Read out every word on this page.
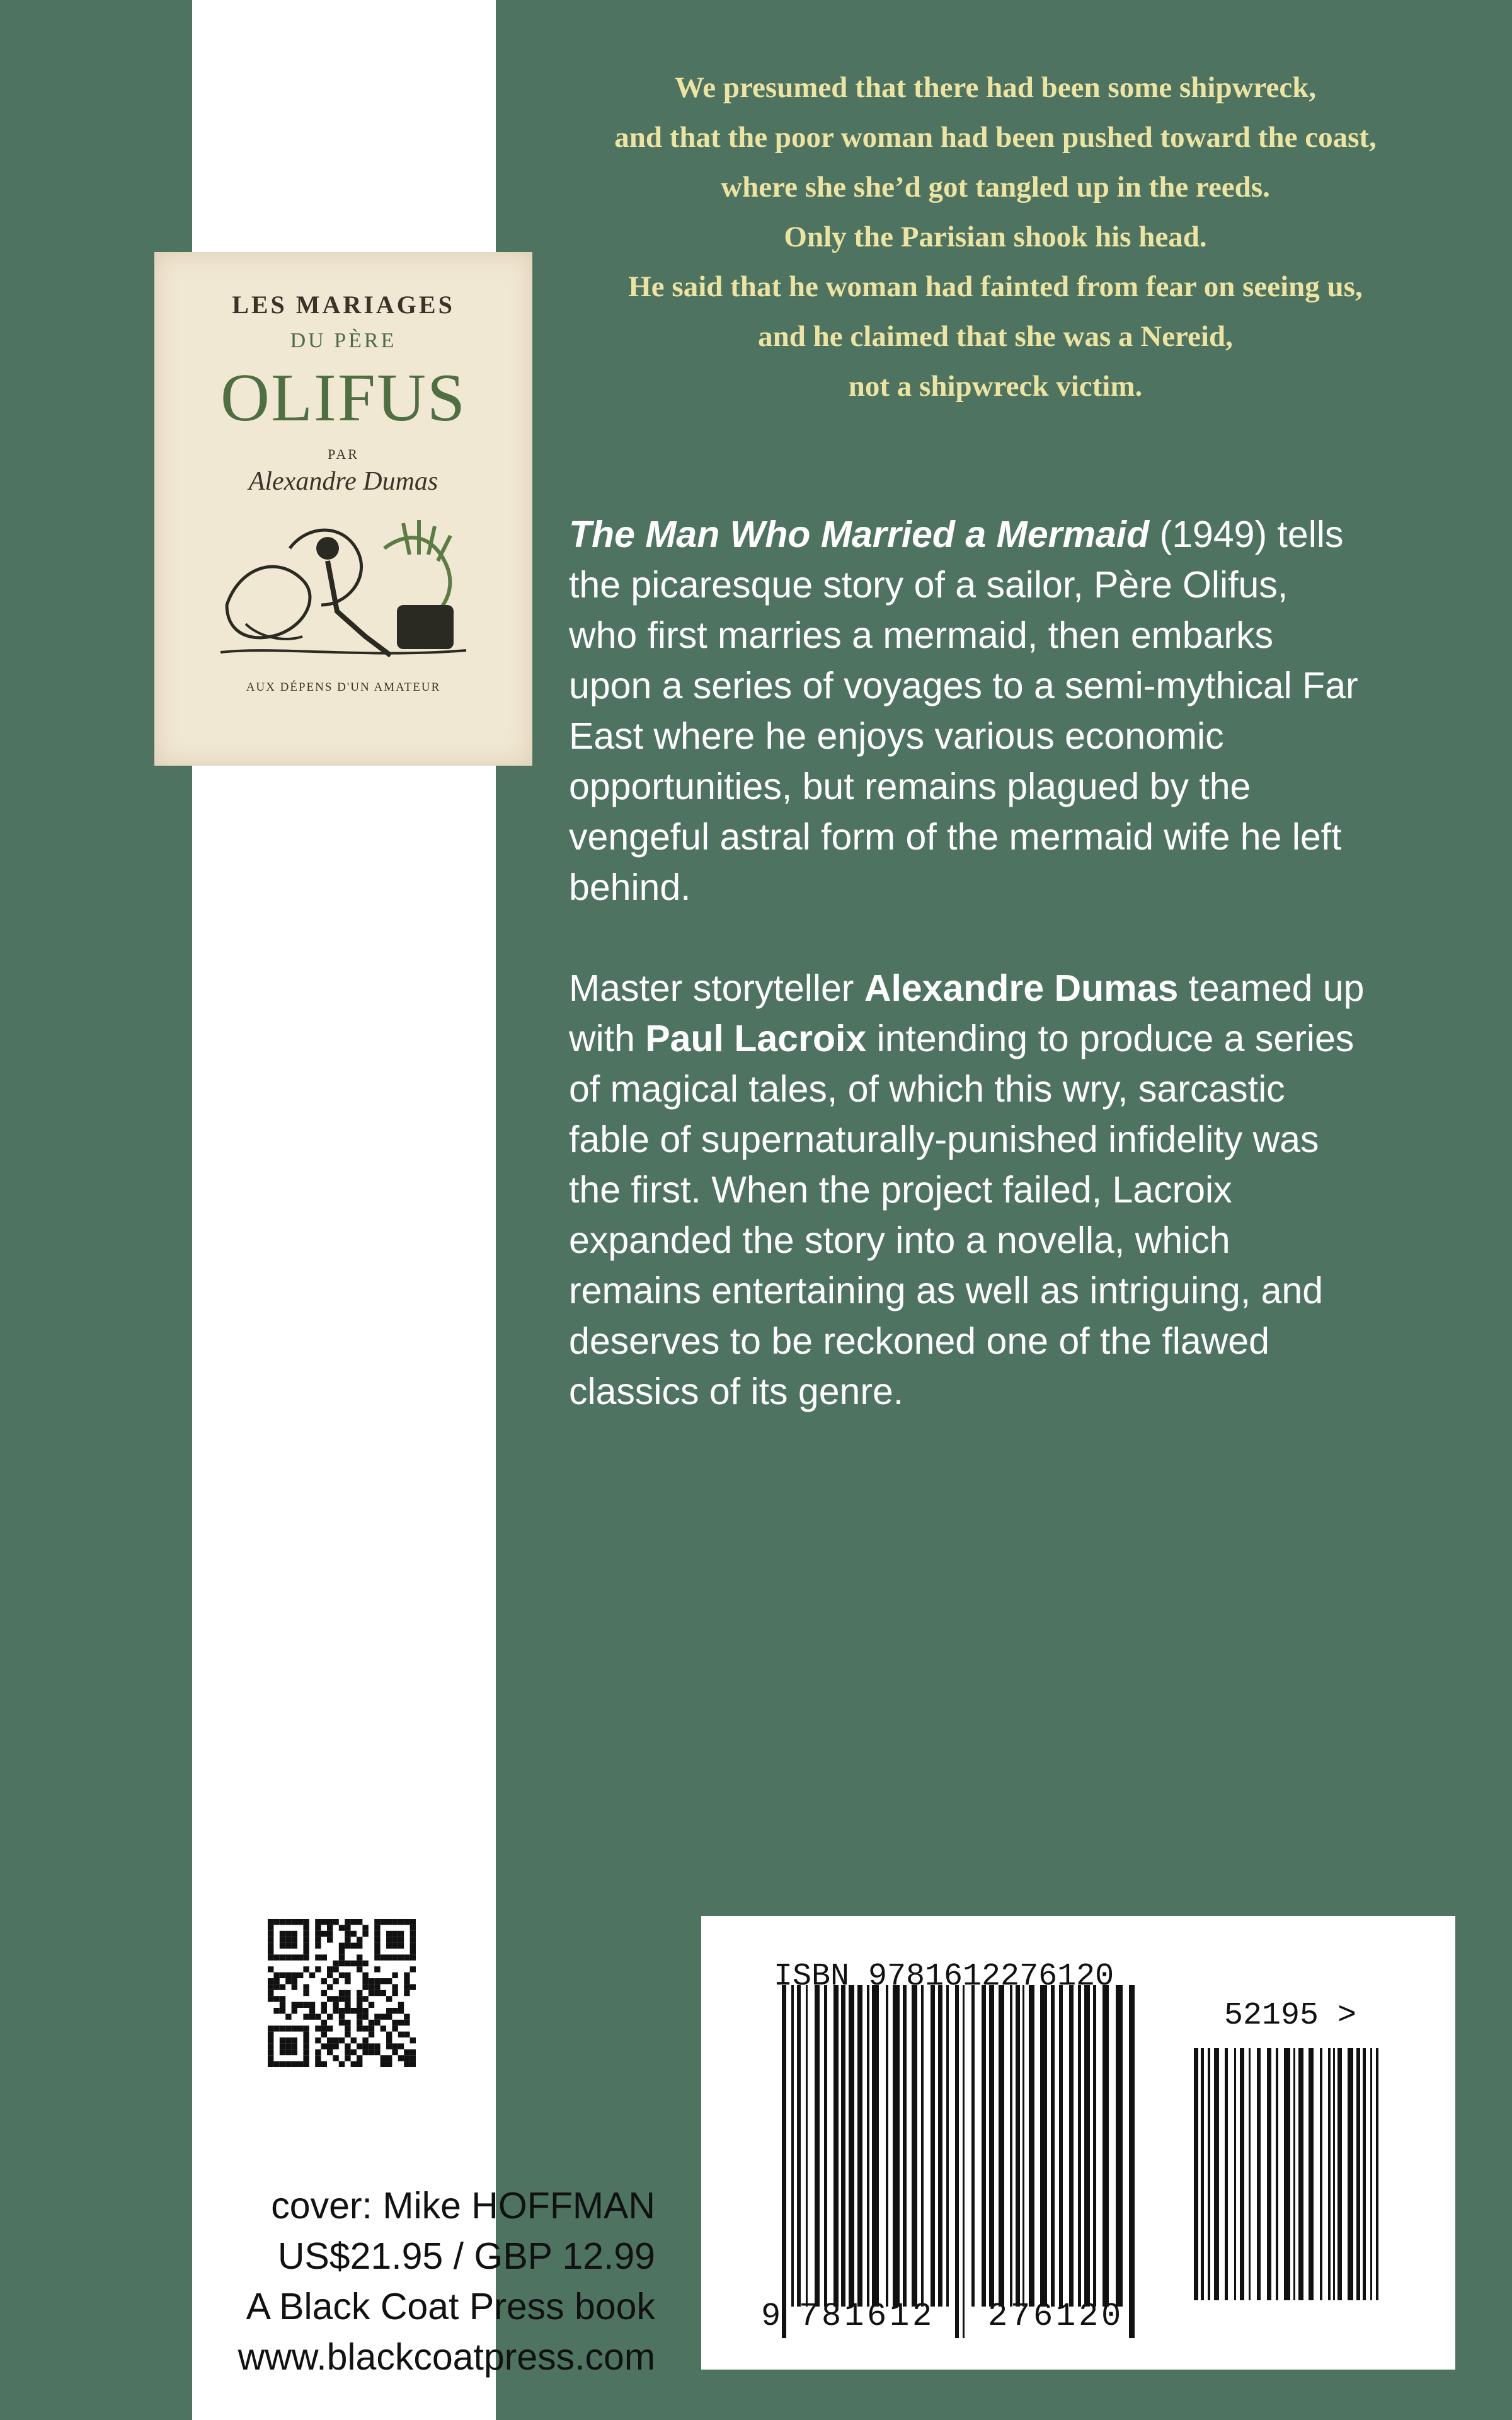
We presumed that there had been some shipwreck,
and that the poor woman had been pushed toward the coast,
where she she’d got tangled up in the reeds.
Only the Parisian shook his head.
He said that he woman had fainted from fear on seeing us,
and he claimed that she was a Nereid,
not a shipwreck victim.
The Man Who Married a Mermaid (1949) tells
the picaresque story of a sailor, Père Olifus,
who first marries a mermaid, then embarks
upon a series of voyages to a semi-mythical Far
East where he enjoys various economic
opportunities, but remains plagued by the
vengeful astral form of the mermaid wife he left
behind.
Master storyteller Alexandre Dumas teamed up
with Paul Lacroix intending to produce a series
of magical tales, of which this wry, sarcastic
fable of supernaturally-punished infidelity was
the first. When the project failed, Lacroix
expanded the story into a novella, which
remains entertaining as well as intriguing, and
deserves to be reckoned one of the flawed
classics of its genre.
LES MARIAGES
DU PÈRE
OLIFUS
PAR
Alexandre Dumas
AUX DÉPENS D'UN AMATEUR
cover: Mike HOFFMAN
US$21.95 / GBP 12.99
A Black Coat Press book
www.blackcoatpress.com
ISBN 9781612276120
52195 >
9 7 8 1 6 1 2 2 7 6 1 2 0
